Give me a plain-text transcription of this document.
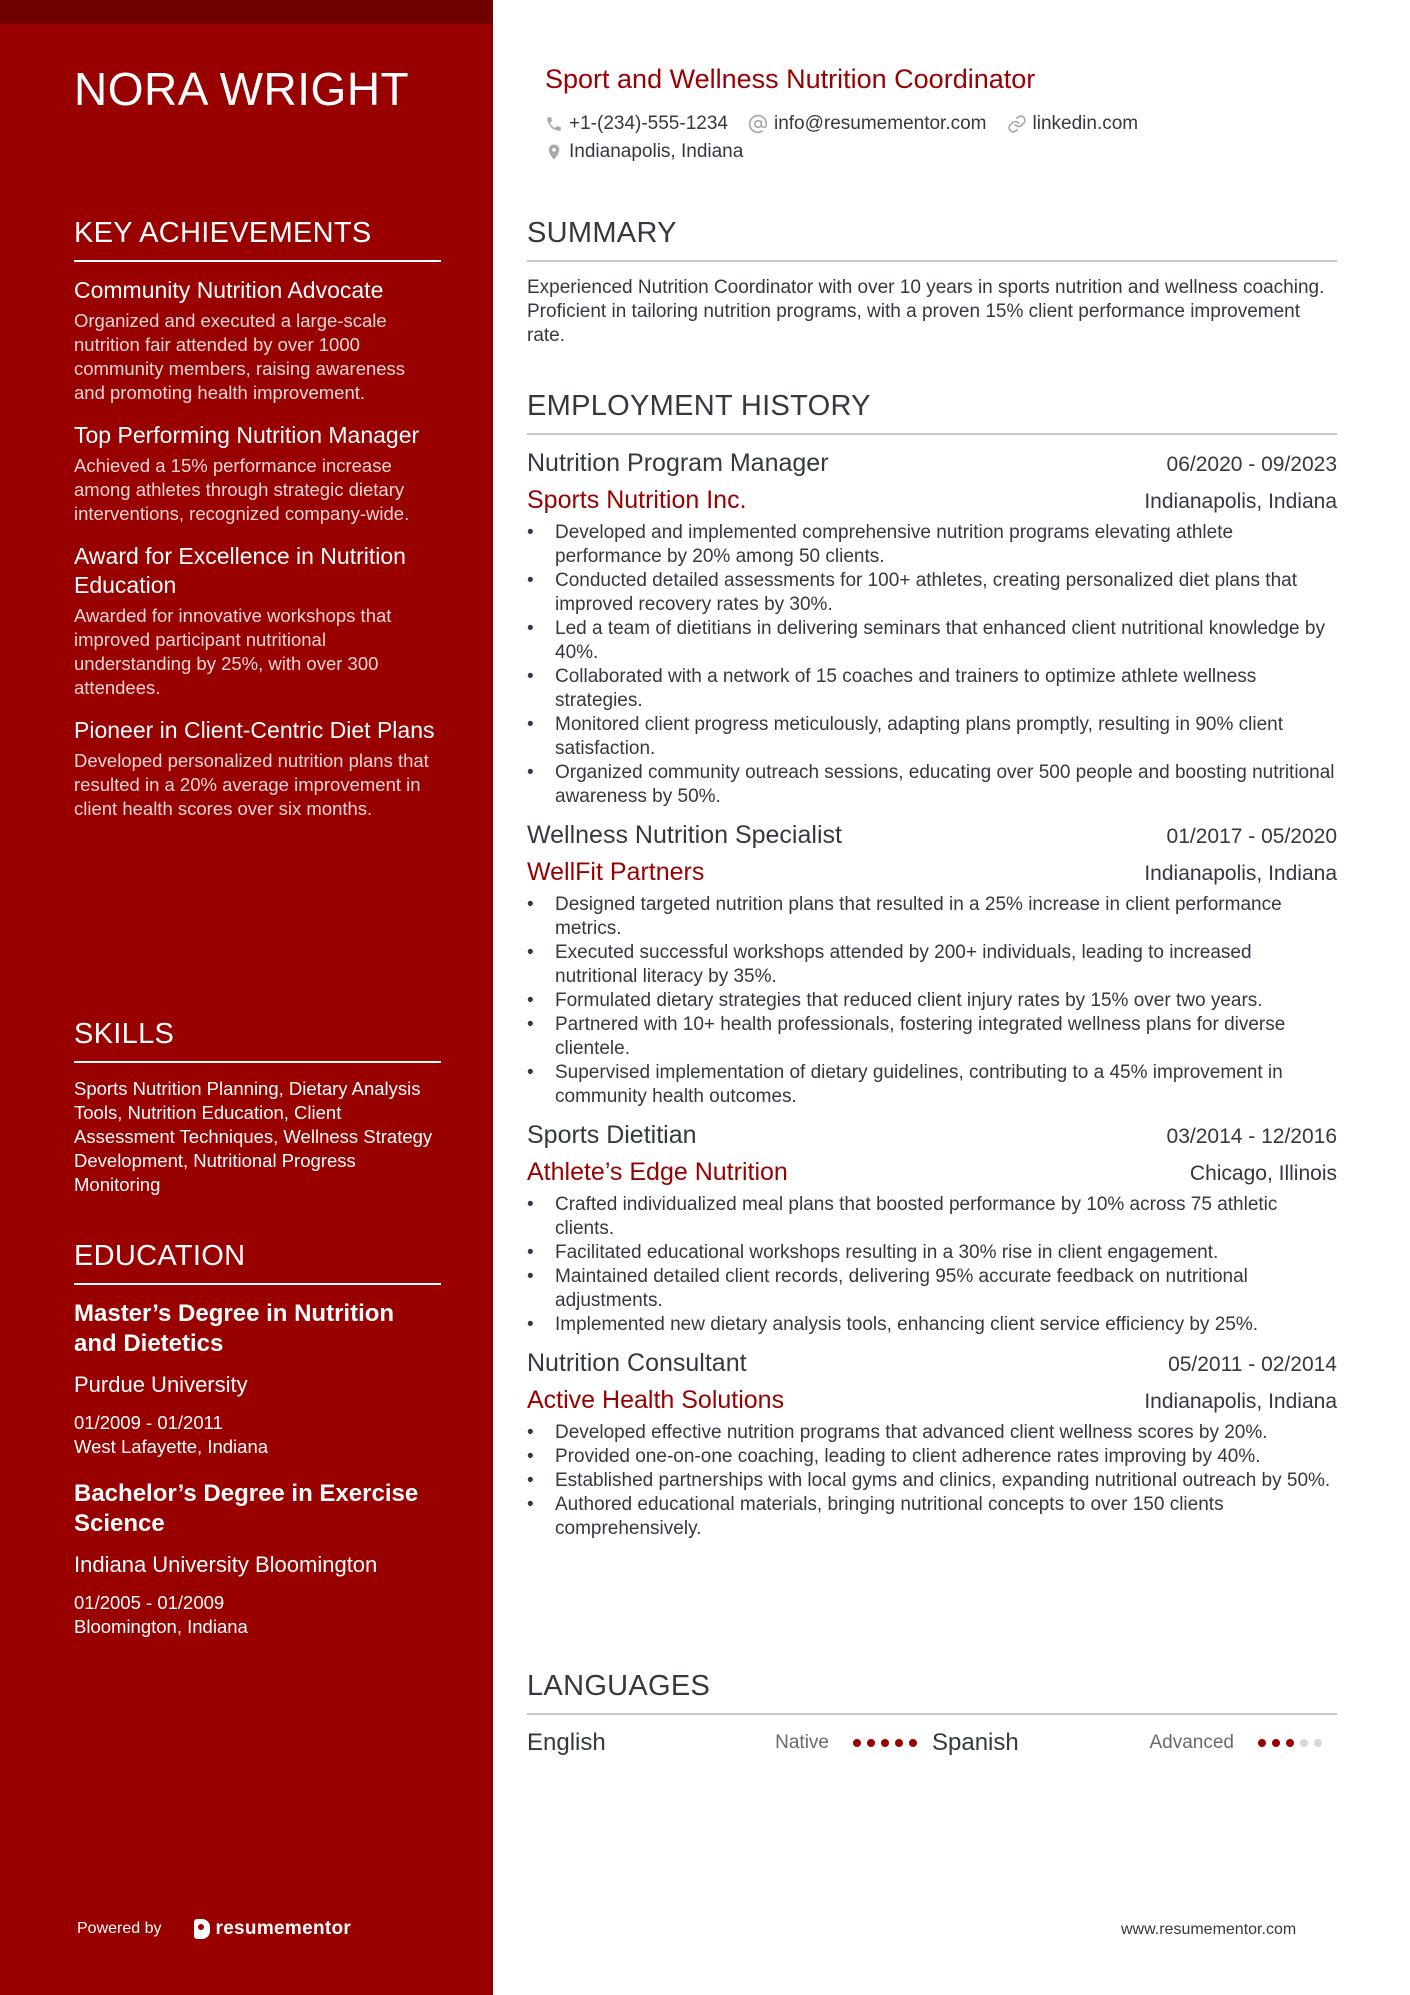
NORA WRIGHT
KEY ACHIEVEMENTS
Community Nutrition Advocate
Organized and executed a large-scale nutrition fair attended by over 1000 community members, raising awareness and promoting health improvement.
Top Performing Nutrition Manager
Achieved a 15% performance increase among athletes through strategic dietary interventions, recognized company-wide.
Award for Excellence in Nutrition Education
Awarded for innovative workshops that improved participant nutritional understanding by 25%, with over 300 attendees.
Pioneer in Client-Centric Diet Plans
Developed personalized nutrition plans that resulted in a 20% average improvement in client health scores over six months.
SKILLS
Sports Nutrition Planning, Dietary Analysis Tools, Nutrition Education, Client Assessment Techniques, Wellness Strategy Development, Nutritional Progress Monitoring
EDUCATION
Master’s Degree in Nutrition and Dietetics
Purdue University
01/2009 - 01/2011
West Lafayette, Indiana
Bachelor’s Degree in Exercise Science
Indiana University Bloomington
01/2005 - 01/2009
Bloomington, Indiana
Powered by	resumementor
Sport and Wellness Nutrition Coordinator
+1-(234)-555-1234 info@resumementor.com linkedin.com
Indianapolis, Indiana
SUMMARY
Experienced Nutrition Coordinator with over 10 years in sports nutrition and wellness coaching. Proficient in tailoring nutrition programs, with a proven 15% client performance improvement rate.
EMPLOYMENT HISTORY
Nutrition Program Manager	06/2020 - 09/2023
Sports Nutrition Inc.	Indianapolis, Indiana
• Developed and implemented comprehensive nutrition programs elevating athlete performance by 20% among 50 clients.
• Conducted detailed assessments for 100+ athletes, creating personalized diet plans that improved recovery rates by 30%.
• Led a team of dietitians in delivering seminars that enhanced client nutritional knowledge by 40%.
• Collaborated with a network of 15 coaches and trainers to optimize athlete wellness strategies.
• Monitored client progress meticulously, adapting plans promptly, resulting in 90% client satisfaction.
• Organized community outreach sessions, educating over 500 people and boosting nutritional awareness by 50%.
Wellness Nutrition Specialist	01/2017 - 05/2020
WellFit Partners	Indianapolis, Indiana
• Designed targeted nutrition plans that resulted in a 25% increase in client performance metrics.
• Executed successful workshops attended by 200+ individuals, leading to increased nutritional literacy by 35%.
• Formulated dietary strategies that reduced client injury rates by 15% over two years.
• Partnered with 10+ health professionals, fostering integrated wellness plans for diverse clientele.
• Supervised implementation of dietary guidelines, contributing to a 45% improvement in community health outcomes.
Sports Dietitian	03/2014 - 12/2016
Athlete’s Edge Nutrition	Chicago, Illinois
• Crafted individualized meal plans that boosted performance by 10% across 75 athletic clients.
• Facilitated educational workshops resulting in a 30% rise in client engagement.
• Maintained detailed client records, delivering 95% accurate feedback on nutritional adjustments.
• Implemented new dietary analysis tools, enhancing client service efficiency by 25%.
Nutrition Consultant	05/2011 - 02/2014
Active Health Solutions	Indianapolis, Indiana
• Developed effective nutrition programs that advanced client wellness scores by 20%.
• Provided one-on-one coaching, leading to client adherence rates improving by 40%.
• Established partnerships with local gyms and clinics, expanding nutritional outreach by 50%.
• Authored educational materials, bringing nutritional concepts to over 150 clients comprehensively.
LANGUAGES
English	Native	Spanish	Advanced
www.resumementor.com
